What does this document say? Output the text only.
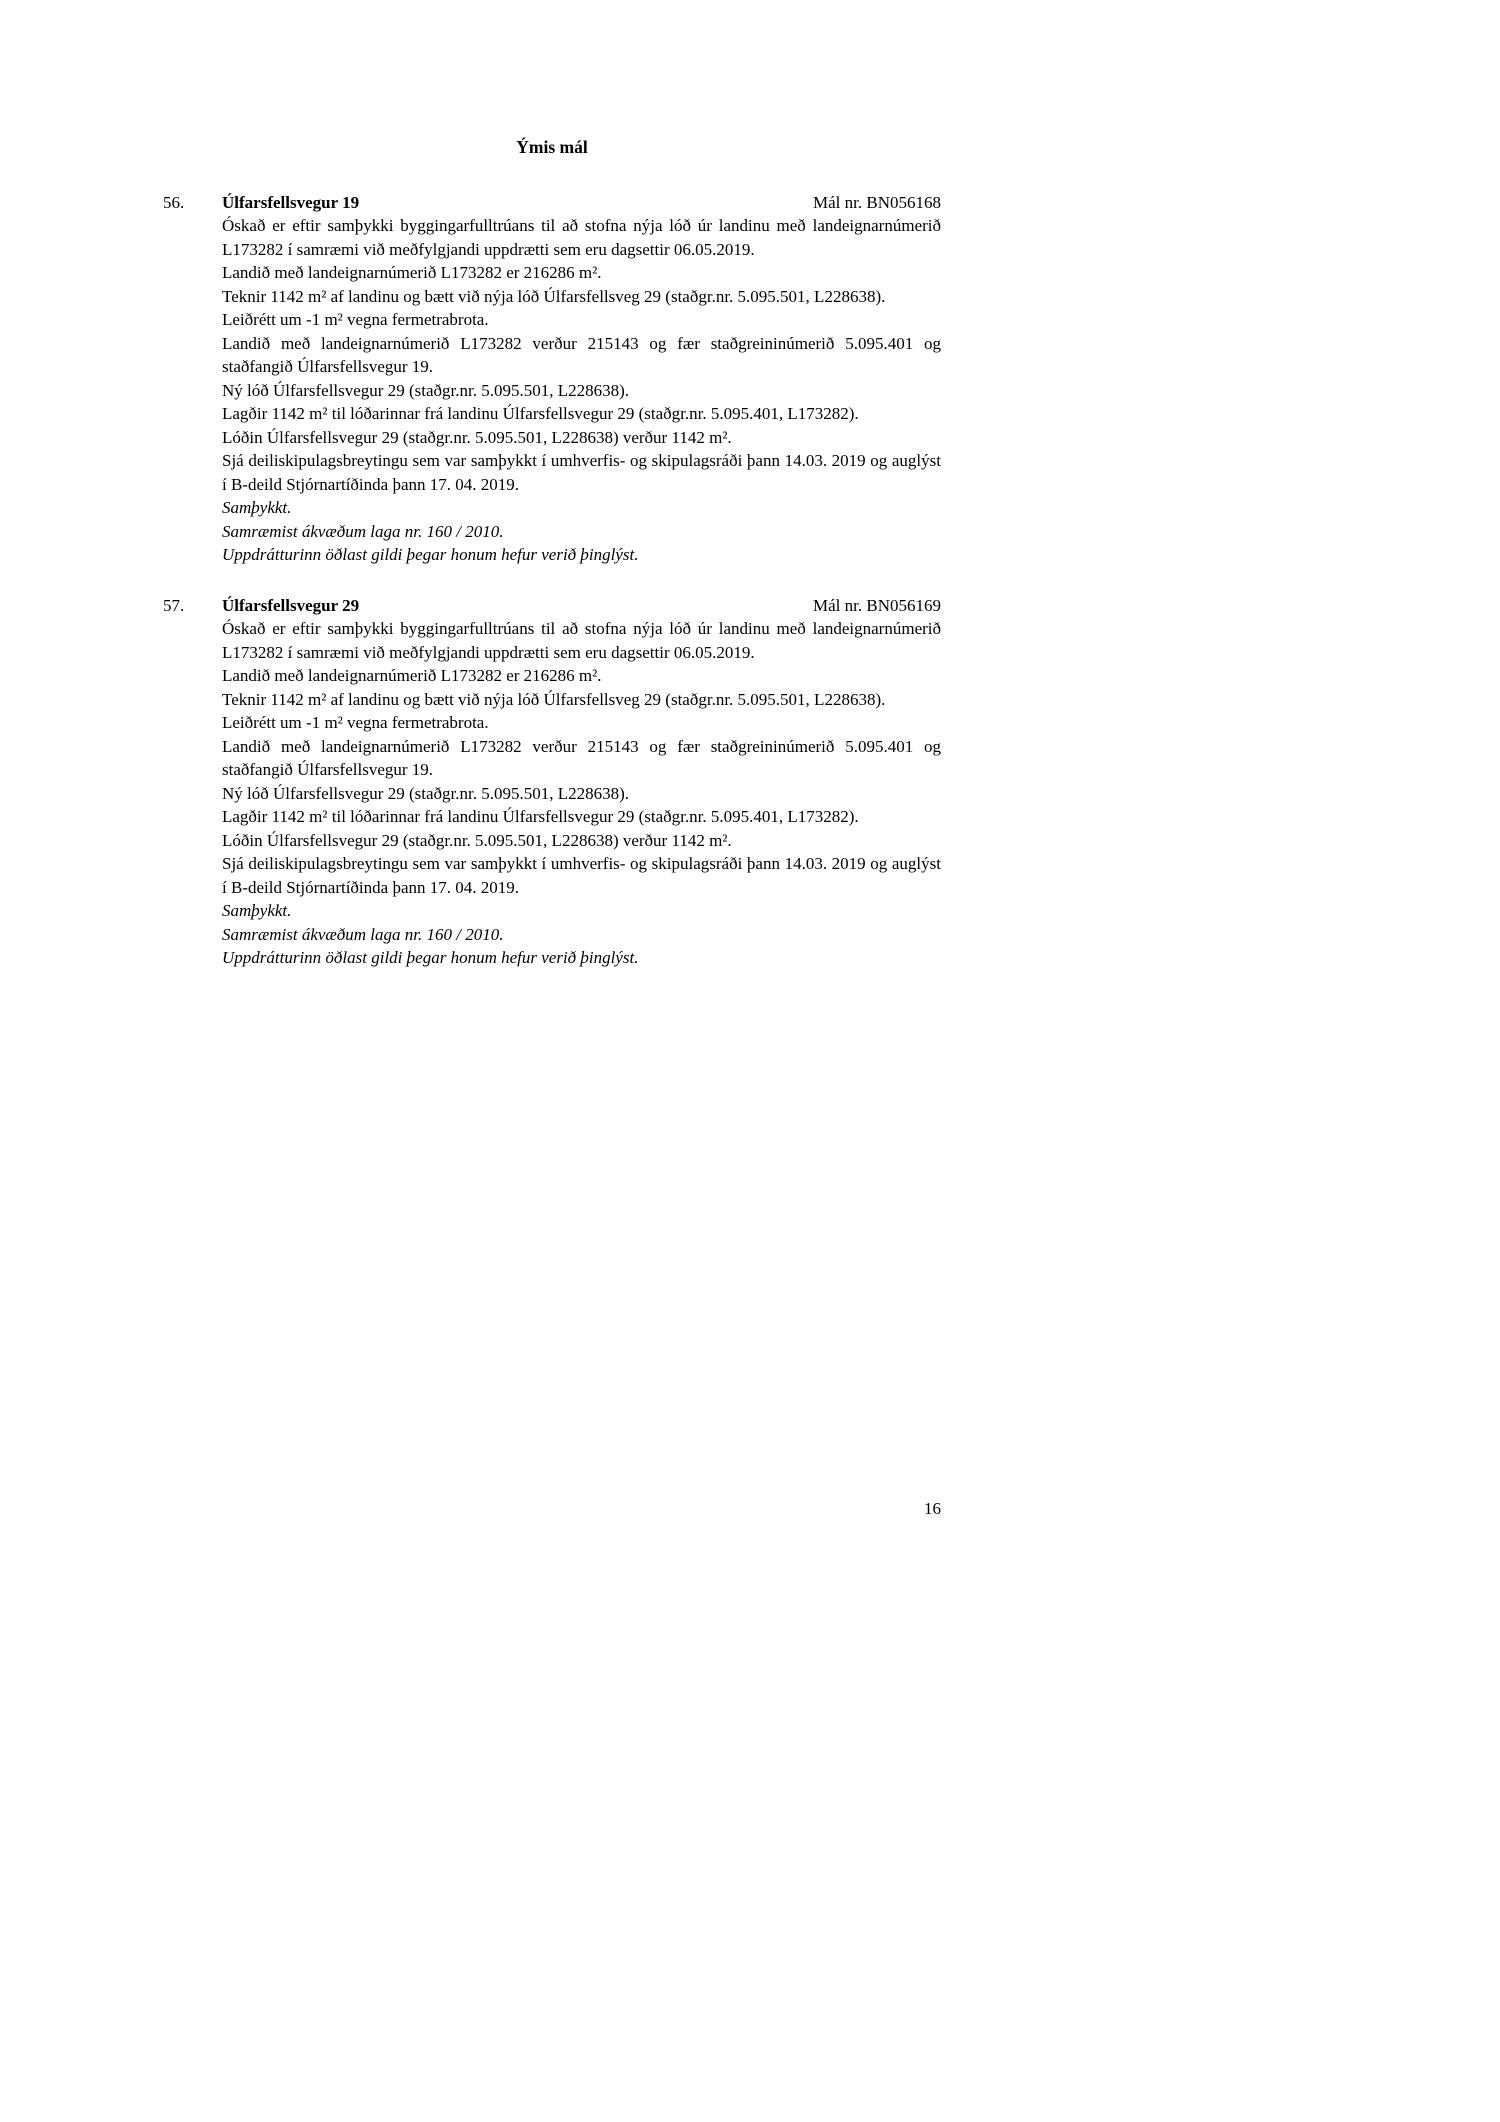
Ýmis mál
56.	Úlfarsfellsvegur 19	Mál nr. BN056168

Óskað er eftir samþykki byggingarfulltrúans til að stofna nýja lóð úr landinu með landeignarnúmerið L173282 í samræmi við meðfylgjandi uppdrætti sem eru dagsettir 06.05.2019.

Landið með landeignarnúmerið L173282 er 216286 m².

Teknir 1142 m² af landinu og bætt við nýja lóð Úlfarsfellsveg 29 (staðgr.nr. 5.095.501, L228638).

Leiðrétt um -1 m² vegna fermetrabrota.

Landið með landeignarnúmerið L173282 verður 215143 og fær staðgreininúmerið 5.095.401 og staðfangið Úlfarsfellsvegur 19.

Ný lóð Úlfarsfellsvegur 29 (staðgr.nr. 5.095.501, L228638).

Lagðir 1142 m² til lóðarinnar frá landinu Úlfarsfellsvegur 29 (staðgr.nr. 5.095.401, L173282).

Lóðin Úlfarsfellsvegur 29 (staðgr.nr. 5.095.501, L228638) verður 1142 m².

Sjá deiliskipulagsbreytingu sem var samþykkt í umhverfis- og skipulagsráði þann 14.03. 2019 og auglýst í B-deild Stjórnartíðinda þann 17. 04. 2019.

Samþykkt.

Samræmist ákvæðum laga nr. 160 / 2010.

Uppdrátturinn öðlast gildi þegar honum hefur verið þinglýst.

57.	Úlfarsfellsvegur 29	Mál nr. BN056169

Óskað er eftir samþykki byggingarfulltrúans til að stofna nýja lóð úr landinu með landeignarnúmerið L173282 í samræmi við meðfylgjandi uppdrætti sem eru dagsettir 06.05.2019.

Landið með landeignarnúmerið L173282 er 216286 m².

Teknir 1142 m² af landinu og bætt við nýja lóð Úlfarsfellsveg 29 (staðgr.nr. 5.095.501, L228638).

Leiðrétt um -1 m² vegna fermetrabrota.

Landið með landeignarnúmerið L173282 verður 215143 og fær staðgreininúmerið 5.095.401 og staðfangið Úlfarsfellsvegur 19.

Ný lóð Úlfarsfellsvegur 29 (staðgr.nr. 5.095.501, L228638).

Lagðir 1142 m² til lóðarinnar frá landinu Úlfarsfellsvegur 29 (staðgr.nr. 5.095.401, L173282).

Lóðin Úlfarsfellsvegur 29 (staðgr.nr. 5.095.501, L228638) verður 1142 m².

Sjá deiliskipulagsbreytingu sem var samþykkt í umhverfis- og skipulagsráði þann 14.03. 2019 og auglýst í B-deild Stjórnartíðinda þann 17. 04. 2019.

Samþykkt.

Samræmist ákvæðum laga nr. 160 / 2010.

Uppdrátturinn öðlast gildi þegar honum hefur verið þinglýst.

16
